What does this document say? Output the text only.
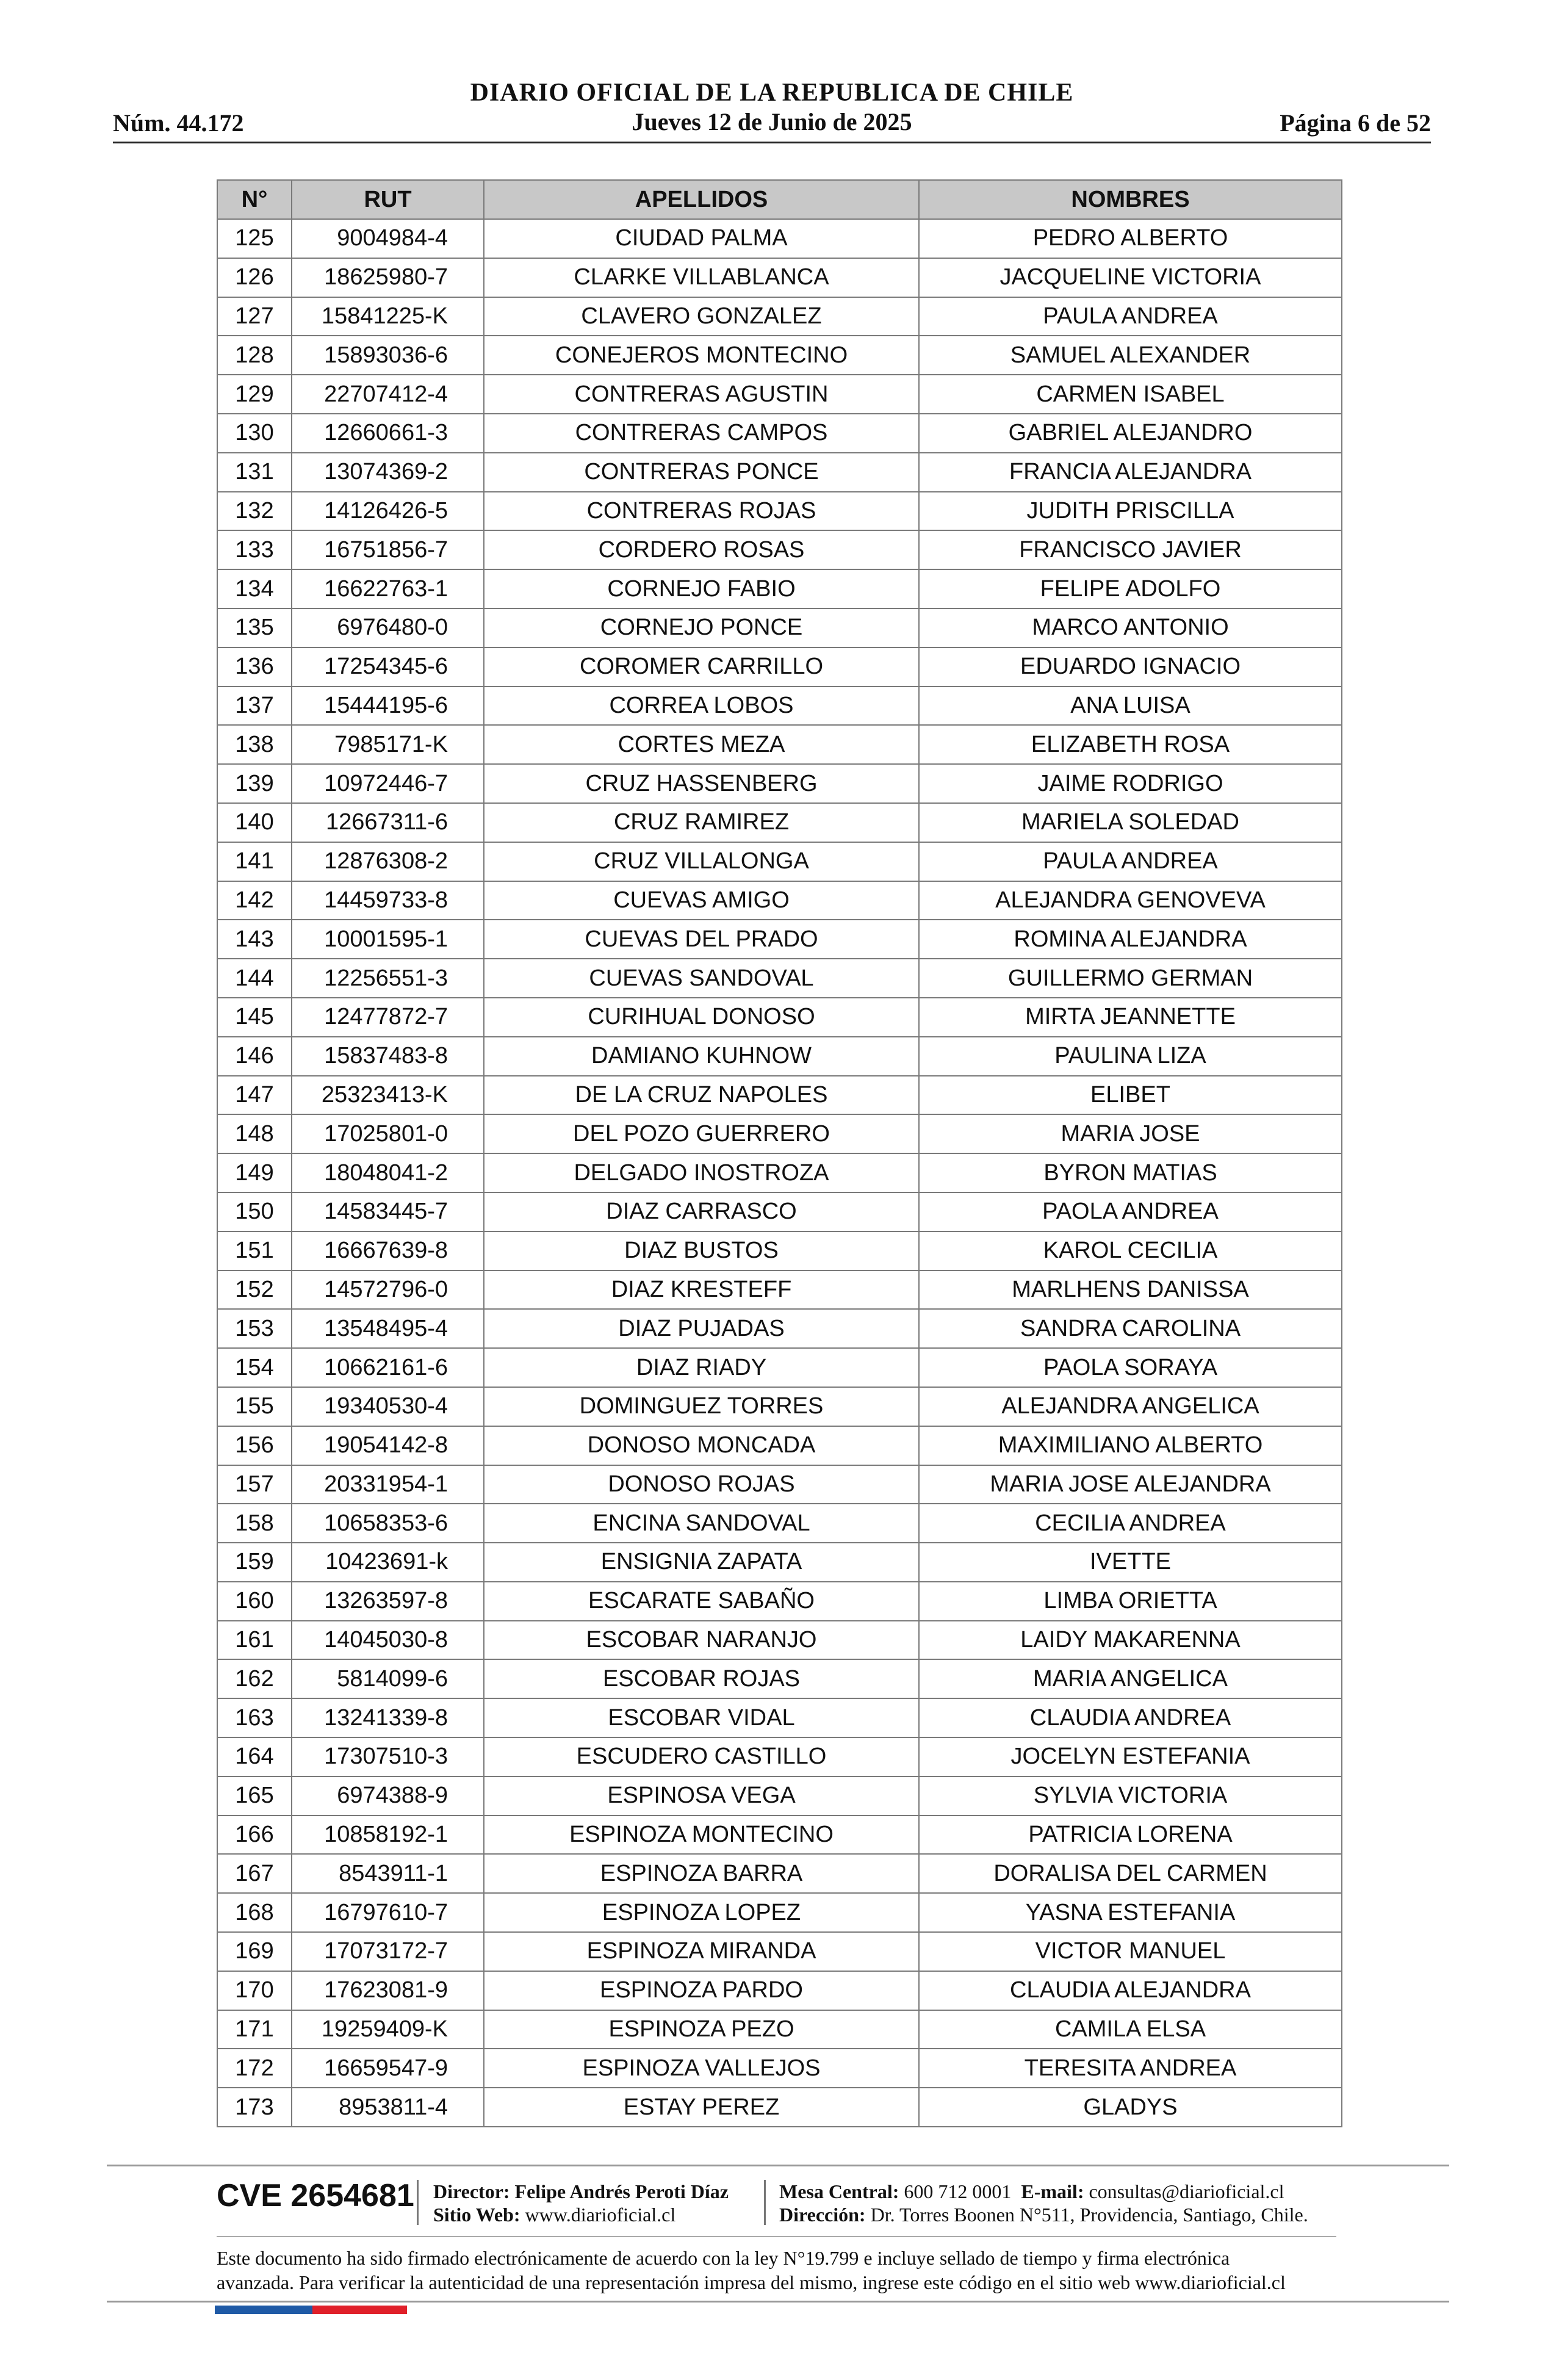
Núm. 44.172
DIARIO OFICIAL DE LA REPUBLICA DE CHILE
Jueves 12 de Junio de 2025	Página 6 de 52
N°	RUT	APELLIDOS	NOMBRES
125	9004984-4	CIUDAD PALMA	PEDRO ALBERTO
126	18625980-7	CLARKE VILLABLANCA	JACQUELINE VICTORIA
127	15841225-K	CLAVERO GONZALEZ	PAULA ANDREA
128	15893036-6	CONEJEROS MONTECINO	SAMUEL ALEXANDER
129	22707412-4	CONTRERAS AGUSTIN	CARMEN ISABEL
130	12660661-3	CONTRERAS CAMPOS	GABRIEL ALEJANDRO
131	13074369-2	CONTRERAS PONCE	FRANCIA ALEJANDRA
132	14126426-5	CONTRERAS ROJAS	JUDITH PRISCILLA
133	16751856-7	CORDERO ROSAS	FRANCISCO JAVIER
134	16622763-1	CORNEJO FABIO	FELIPE ADOLFO
135	6976480-0	CORNEJO PONCE	MARCO ANTONIO
136	17254345-6	COROMER CARRILLO	EDUARDO IGNACIO
137	15444195-6	CORREA LOBOS	ANA LUISA
138	7985171-K	CORTES MEZA	ELIZABETH ROSA
139	10972446-7	CRUZ HASSENBERG	JAIME RODRIGO
140	12667311-6	CRUZ RAMIREZ	MARIELA SOLEDAD
141	12876308-2	CRUZ VILLALONGA	PAULA ANDREA
142	14459733-8	CUEVAS AMIGO	ALEJANDRA GENOVEVA
143	10001595-1	CUEVAS DEL PRADO	ROMINA ALEJANDRA
144	12256551-3	CUEVAS SANDOVAL	GUILLERMO GERMAN
145	12477872-7	CURIHUAL DONOSO	MIRTA JEANNETTE
146	15837483-8	DAMIANO KUHNOW	PAULINA LIZA
147	25323413-K	DE LA CRUZ NAPOLES	ELIBET
148	17025801-0	DEL POZO GUERRERO	MARIA JOSE
149	18048041-2	DELGADO INOSTROZA	BYRON MATIAS
150	14583445-7	DIAZ CARRASCO	PAOLA ANDREA
151	16667639-8	DIAZ BUSTOS	KAROL CECILIA
152	14572796-0	DIAZ KRESTEFF	MARLHENS DANISSA
153	13548495-4	DIAZ PUJADAS	SANDRA CAROLINA
154	10662161-6	DIAZ RIADY	PAOLA SORAYA
155	19340530-4	DOMINGUEZ TORRES	ALEJANDRA ANGELICA
156	19054142-8	DONOSO MONCADA	MAXIMILIANO ALBERTO
157	20331954-1	DONOSO ROJAS	MARIA JOSE ALEJANDRA
158	10658353-6	ENCINA SANDOVAL	CECILIA ANDREA
159	10423691-k	ENSIGNIA ZAPATA	IVETTE
160	13263597-8	ESCARATE SABAÑO	LIMBA ORIETTA
161	14045030-8	ESCOBAR NARANJO	LAIDY MAKARENNA
162	5814099-6	ESCOBAR ROJAS	MARIA ANGELICA
163	13241339-8	ESCOBAR VIDAL	CLAUDIA ANDREA
164	17307510-3	ESCUDERO CASTILLO	JOCELYN ESTEFANIA
165	6974388-9	ESPINOSA VEGA	SYLVIA VICTORIA
166	10858192-1	ESPINOZA MONTECINO	PATRICIA LORENA
167	8543911-1	ESPINOZA BARRA	DORALISA DEL CARMEN
168	16797610-7	ESPINOZA LOPEZ	YASNA ESTEFANIA
169	17073172-7	ESPINOZA MIRANDA	VICTOR MANUEL
170	17623081-9	ESPINOZA PARDO	CLAUDIA ALEJANDRA
171	19259409-K	ESPINOZA PEZO	CAMILA ELSA
172	16659547-9	ESPINOZA VALLEJOS	TERESITA ANDREA
173	8953811-4	ESTAY PEREZ	GLADYS
CVE 2654681 Director: Felipe Andrés Peroti Díaz
Sitio Web: www.diarioficial.cl
Mesa Central: 600 712 0001 E-mail: consultas@diarioficial.cl
Dirección: Dr. Torres Boonen N°511, Providencia, Santiago, Chile.
Este documento ha sido firmado electrónicamente de acuerdo con la ley N°19.799 e incluye sellado de tiempo y firma electrónica
avanzada. Para verificar la autenticidad de una representación impresa del mismo, ingrese este código en el sitio web www.diarioficial.cl
